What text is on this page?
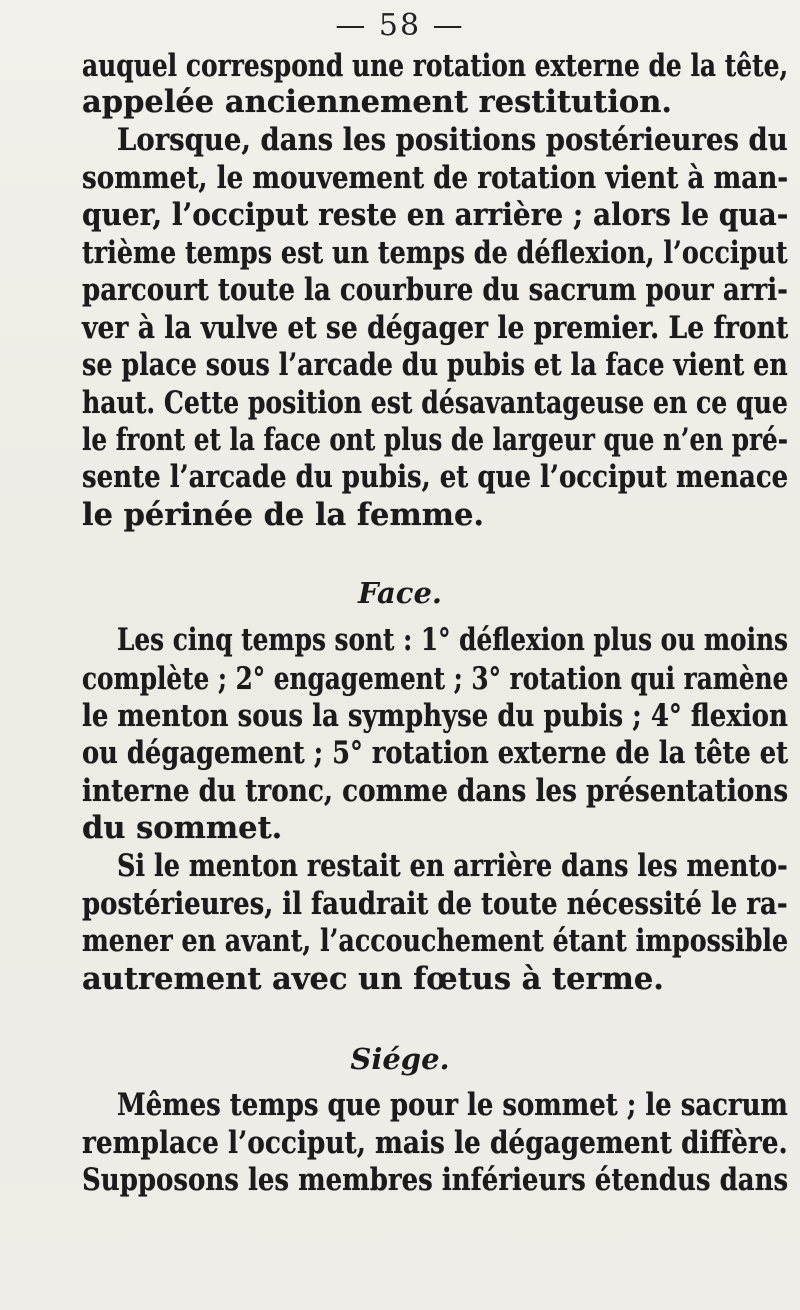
— 58 —
auquel correspond une rotation externe de la tête,
appelée anciennement restitution.
Lorsque, dans les positions postérieures du
sommet, le mouvement de rotation vient à man-
quer, l’occiput reste en arrière ; alors le qua-
trième temps est un temps de déflexion, l’occiput
parcourt toute la courbure du sacrum pour arri-
ver à la vulve et se dégager le premier. Le front
se place sous l’arcade du pubis et la face vient en
haut. Cette position est désavantageuse en ce que
le front et la face ont plus de largeur que n’en pré-
sente l’arcade du pubis, et que l’occiput menace
le périnée de la femme.
Face.
Les cinq temps sont : 1° déflexion plus ou moins
complète ; 2° engagement ; 3° rotation qui ramène
le menton sous la symphyse du pubis ; 4° flexion
ou dégagement ; 5° rotation externe de la tête et
interne du tronc, comme dans les présentations
du sommet.
Si le menton restait en arrière dans les mento-
postérieures, il faudrait de toute nécessité le ra-
mener en avant, l’accouchement étant impossible
autrement avec un fœtus à terme.
Siége.
Mêmes temps que pour le sommet ; le sacrum
remplace l’occiput, mais le dégagement diffère.
Supposons les membres inférieurs étendus dans
